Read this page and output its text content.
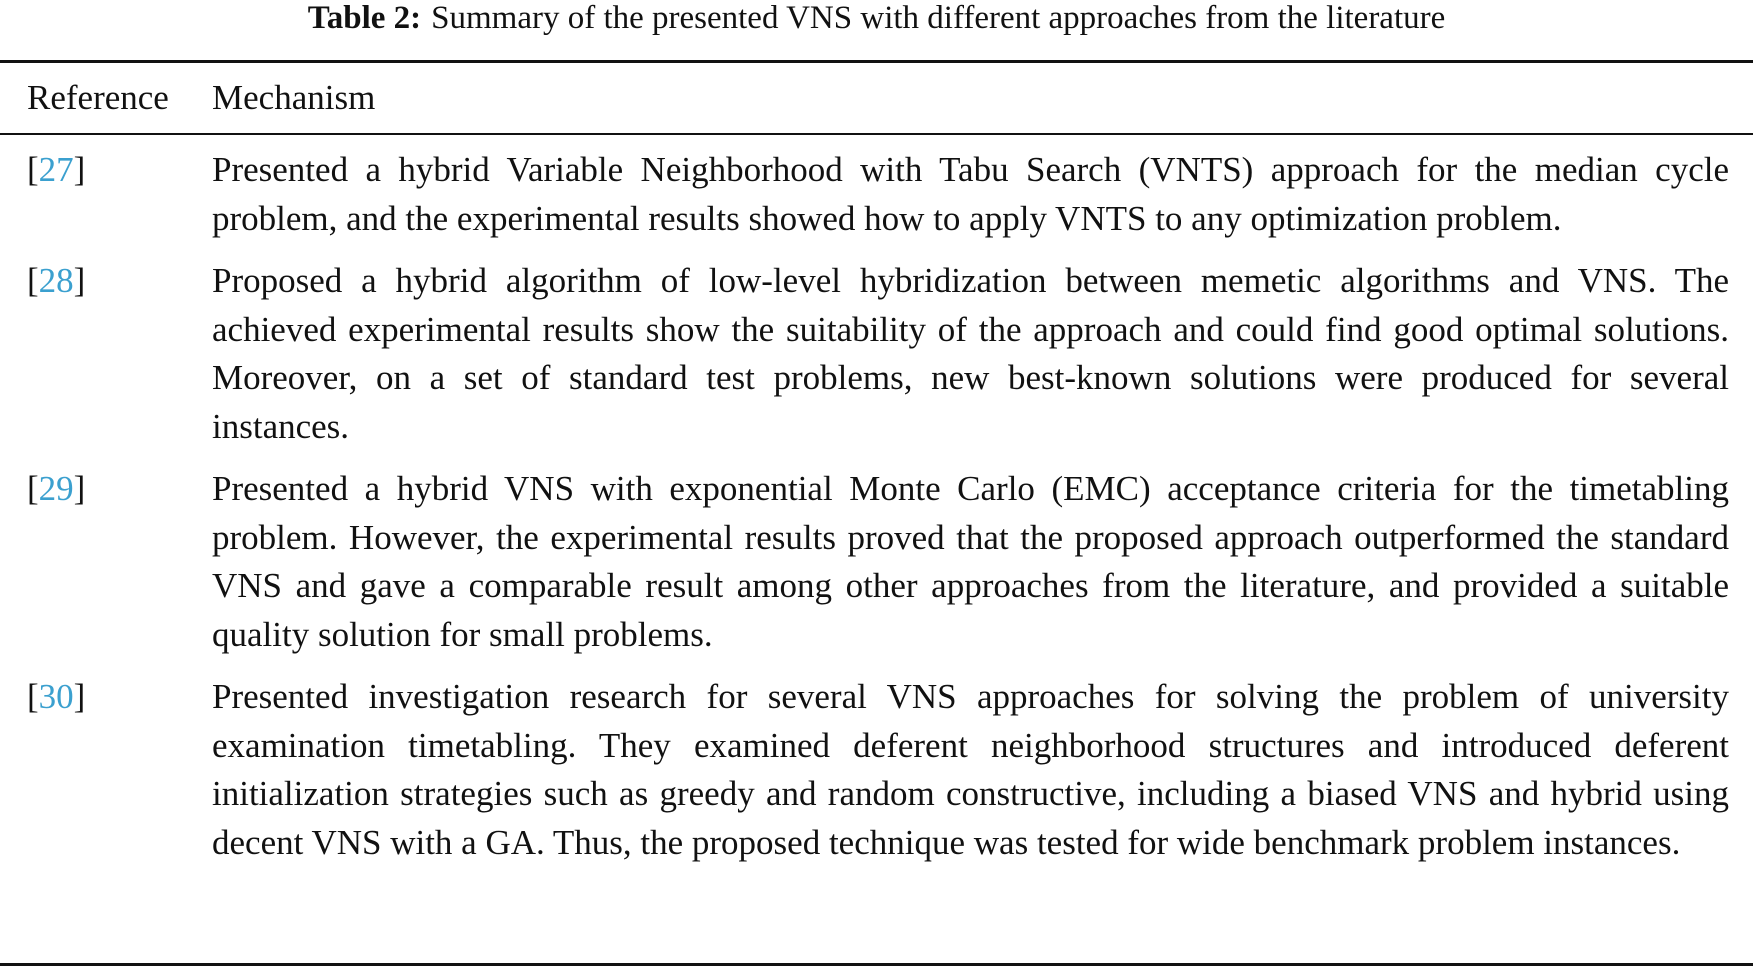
Table 2: Summary of the presented VNS with different approaches from the literature
Reference Mechanism
[27]	Presented a hybrid Variable Neighborhood with Tabu Search (VNTS) approach for the median cycle problem, and the experimental results showed how to apply VNTS to any optimization problem.
[28]	Proposed a hybrid algorithm of low-level hybridization between memetic algorithms and VNS. The achieved experimental results show the suitability of the approach and could find good optimal solutions. Moreover, on a set of standard test problems, new best-known solutions were produced for several instances.
[29]	Presented a hybrid VNS with exponential Monte Carlo (EMC) acceptance criteria for the timetabling problem. However, the experimental results proved that the proposed approach outperformed the standard VNS and gave a comparable result among other approaches from the literature, and provided a suitable quality solution for small problems.
[30]	Presented investigation research for several VNS approaches for solving the problem of university examination timetabling. They examined deferent neighborhood structures and introduced deferent initialization strategies such as greedy and random constructive, including a biased VNS and hybrid using decent VNS with a GA. Thus, the proposed technique was tested for wide benchmark problem instances.
